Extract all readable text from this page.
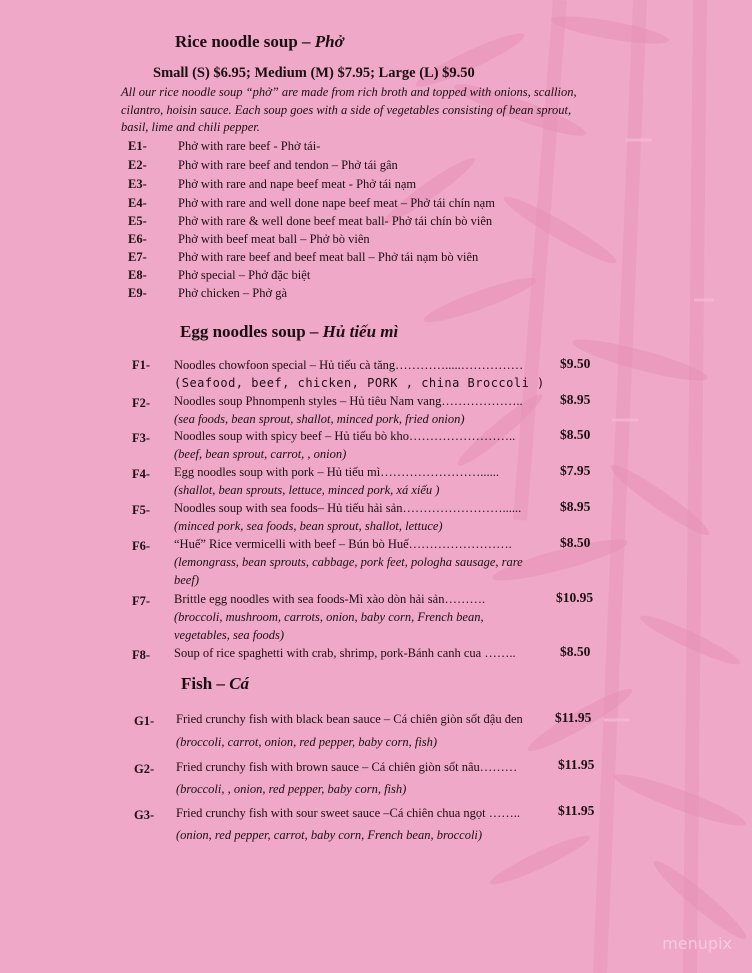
Rice noodle soup – Phở
Small (S) $6.95; Medium (M) $7.95; Large (L) $9.50
All our rice noodle soup “phở” are made from rich broth and topped with onions, scallion, cilantro, hoisin sauce. Each soup goes with a side of vegetables consisting of bean sprout, basil, lime and chili pepper.
E1-	Phở with rare beef - Phở tái-
E2-	Phở with rare beef and tendon – Phở tái gân
E3-	Phở with rare and nape beef meat - Phở tái nạm
E4-	Phở with rare and well done nape beef meat – Phở tái chín nạm
E5-	Phở with rare & well done beef meat ball- Phở tái chín bò viên
E6-	Phở with beef meat ball – Phở bò viên
E7-	Phở with rare beef and beef meat ball – Phở tái nạm bò viên
E8-	Phở special – Phở đặc biệt
E9-	Phở chicken – Phở gà
Egg noodles soup – Hủ tiếu mì
F1- Noodles chowfoon special – Hủ tiếu cà tăng………….....……………	$9.50
(Seafood, beef, chicken, PORK , china Broccoli )
F2- Noodles soup Phnompenh styles – Hủ tiêu Nam vang………………..	$8.95
(sea foods, bean sprout, shallot, minced pork, fried onion)
F3- Noodles soup with spicy beef – Hủ tiếu bò kho……………………..	$8.50
(beef, bean sprout, carrot, , onion)
F4- Egg noodles soup with pork – Hủ tiếu mì……………………......	$7.95
(shallot, bean sprouts, lettuce, minced pork, xá xiếu )
F5- Noodles soup with sea foods– Hủ tiếu hải sản……………………......	$8.95
(minced pork, sea foods, bean sprout, shallot, lettuce)
F6- “Huế” Rice vermicelli with beef – Bún bò Huế…………………….	$8.50
(lemongrass, bean sprouts, cabbage, pork feet, pologha sausage, rare beef)
F7- Brittle egg noodles with sea foods-Mì xào dòn hải sản……….	$10.95
(broccoli, mushroom, carrots, onion, baby corn, French bean, vegetables, sea foods)
F8- Soup of rice spaghetti with crab, shrimp, pork-Bánh canh cua ……..	$8.50
Fish – Cá
G1- Fried crunchy fish with black bean sauce – Cá chiên giòn sốt đậu đen $11.95
(broccoli, carrot, onion, red pepper, baby corn, fish)
G2- Fried crunchy fish with brown sauce – Cá chiên giòn sốt nâu………	$11.95
(broccoli, , onion, red pepper, baby corn, fish)
G3- Fried crunchy fish with sour sweet sauce –Cá chiên chua ngọt ……..	$11.95
(onion, red pepper, carrot, baby corn, French bean, broccoli)
menupix
